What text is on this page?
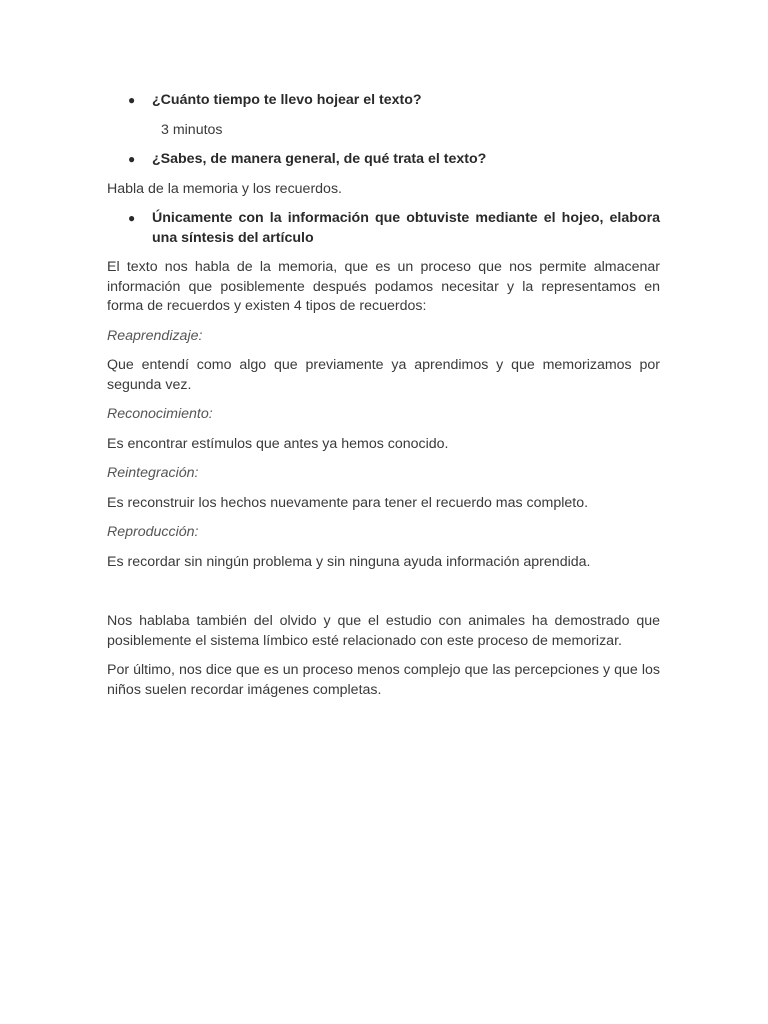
● ¿Cuánto tiempo te llevo hojear el texto?
3 minutos
● ¿Sabes, de manera general, de qué trata el texto?
Habla de la memoria y los recuerdos.
● Únicamente con la información que obtuviste mediante el hojeo, elabora una síntesis del artículo
El texto nos habla de la memoria, que es un proceso que nos permite almacenar información que posiblemente después podamos necesitar y la representamos en forma de recuerdos y existen 4 tipos de recuerdos:
Reaprendizaje:
Que entendí como algo que previamente ya aprendimos y que memorizamos por segunda vez.
Reconocimiento:
Es encontrar estímulos que antes ya hemos conocido.
Reintegración:
Es reconstruir los hechos nuevamente para tener el recuerdo mas completo.
Reproducción:
Es recordar sin ningún problema y sin ninguna ayuda información aprendida.
Nos hablaba también del olvido y que el estudio con animales ha demostrado que posiblemente el sistema límbico esté relacionado con este proceso de memorizar.
Por último, nos dice que es un proceso menos complejo que las percepciones y que los niños suelen recordar imágenes completas.
